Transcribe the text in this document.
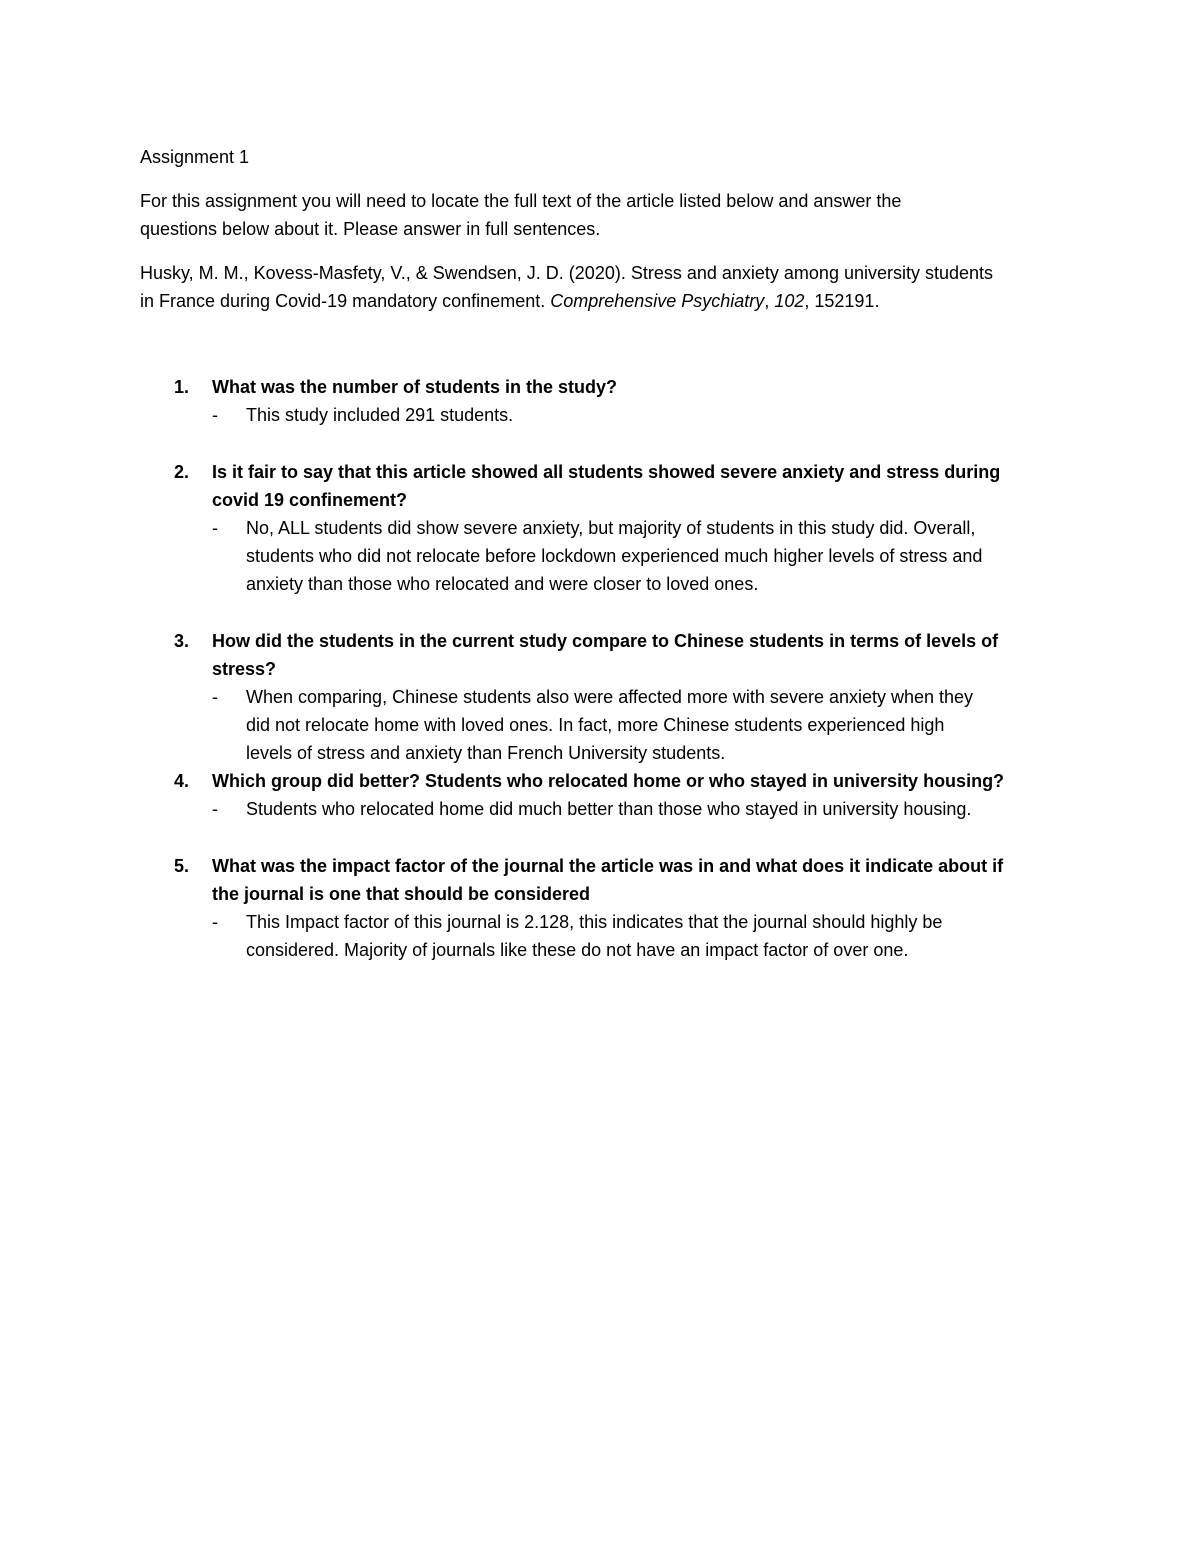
Assignment 1
For this assignment you will need to locate the full text of the article listed below and answer the
questions below about it. Please answer in full sentences.
Husky, M. M., Kovess-Masfety, V., & Swendsen, J. D. (2020). Stress and anxiety among university students
in France during Covid-19 mandatory confinement. Comprehensive Psychiatry, 102, 152191.
1. What was the number of students in the study?
- This study included 291 students.
2. Is it fair to say that this article showed all students showed severe anxiety and stress during
covid 19 confinement?
- No, ALL students did show severe anxiety, but majority of students in this study did. Overall,
students who did not relocate before lockdown experienced much higher levels of stress and
anxiety than those who relocated and were closer to loved ones.
3. How did the students in the current study compare to Chinese students in terms of levels of
stress?
- When comparing, Chinese students also were affected more with severe anxiety when they
did not relocate home with loved ones. In fact, more Chinese students experienced high
levels of stress and anxiety than French University students.
4. Which group did better? Students who relocated home or who stayed in university housing?
- Students who relocated home did much better than those who stayed in university housing.
5. What was the impact factor of the journal the article was in and what does it indicate about if
the journal is one that should be considered
- This Impact factor of this journal is 2.128, this indicates that the journal should highly be
considered. Majority of journals like these do not have an impact factor of over one.
